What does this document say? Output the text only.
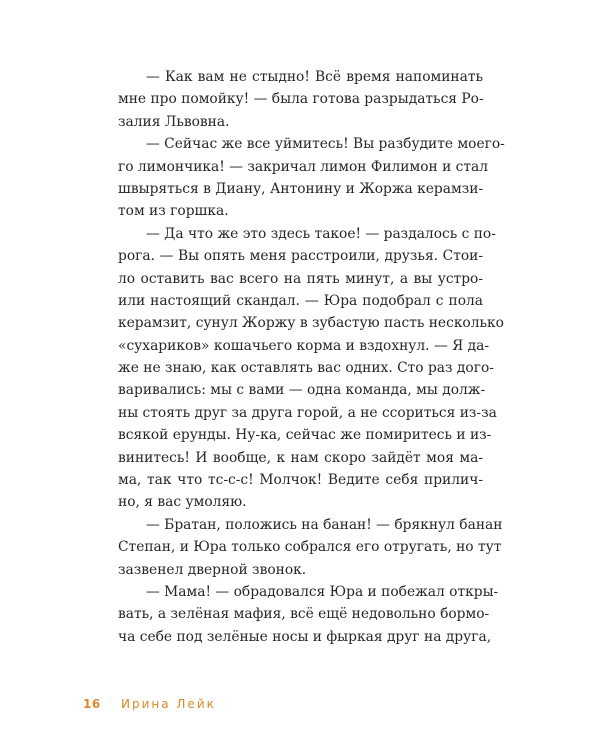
— Как вам не стыдно! Всё время напоминать
мне про помойку! — была готова разрыдаться Ро-
залия Львовна.
— Сейчас же все уймитесь! Вы разбудите моего-
го лимончика! — закричал лимон Филимон и стал
швыряться в Диану, Антонину и Жоржа керамзи-
том из горшка.
— Да что же это здесь такое! — раздалось с по-
рога. — Вы опять меня расстроили, друзья. Стои-
ло оставить вас всего на пять минут, а вы устро-
или настоящий скандал. — Юра подобрал с пола
керамзит, сунул Жоржу в зубастую пасть несколько
«сухариков» кошачьего корма и вздохнул. — Я да-
же не знаю, как оставлять вас одних. Сто раз дого-
варивались: мы с вами — одна команда, мы долж-
ны стоять друг за друга горой, а не ссориться из-за
всякой ерунды. Ну-ка, сейчас же помиритесь и из-
винитесь! И вообще, к нам скоро зайдёт моя ма-
ма, так что тс-с-с! Молчок! Ведите себя прилич-
но, я вас умоляю.
— Братан, положись на банан! — брякнул банан
Степан, и Юра только собрался его отругать, но тут
зазвенел дверной звонок.
— Мама! — обрадовался Юра и побежал откры-
вать, а зелёная мафия, всё ещё недовольно бормо-
ча себе под зелёные носы и фыркая друг на друга,
16	Ирина Лейк
